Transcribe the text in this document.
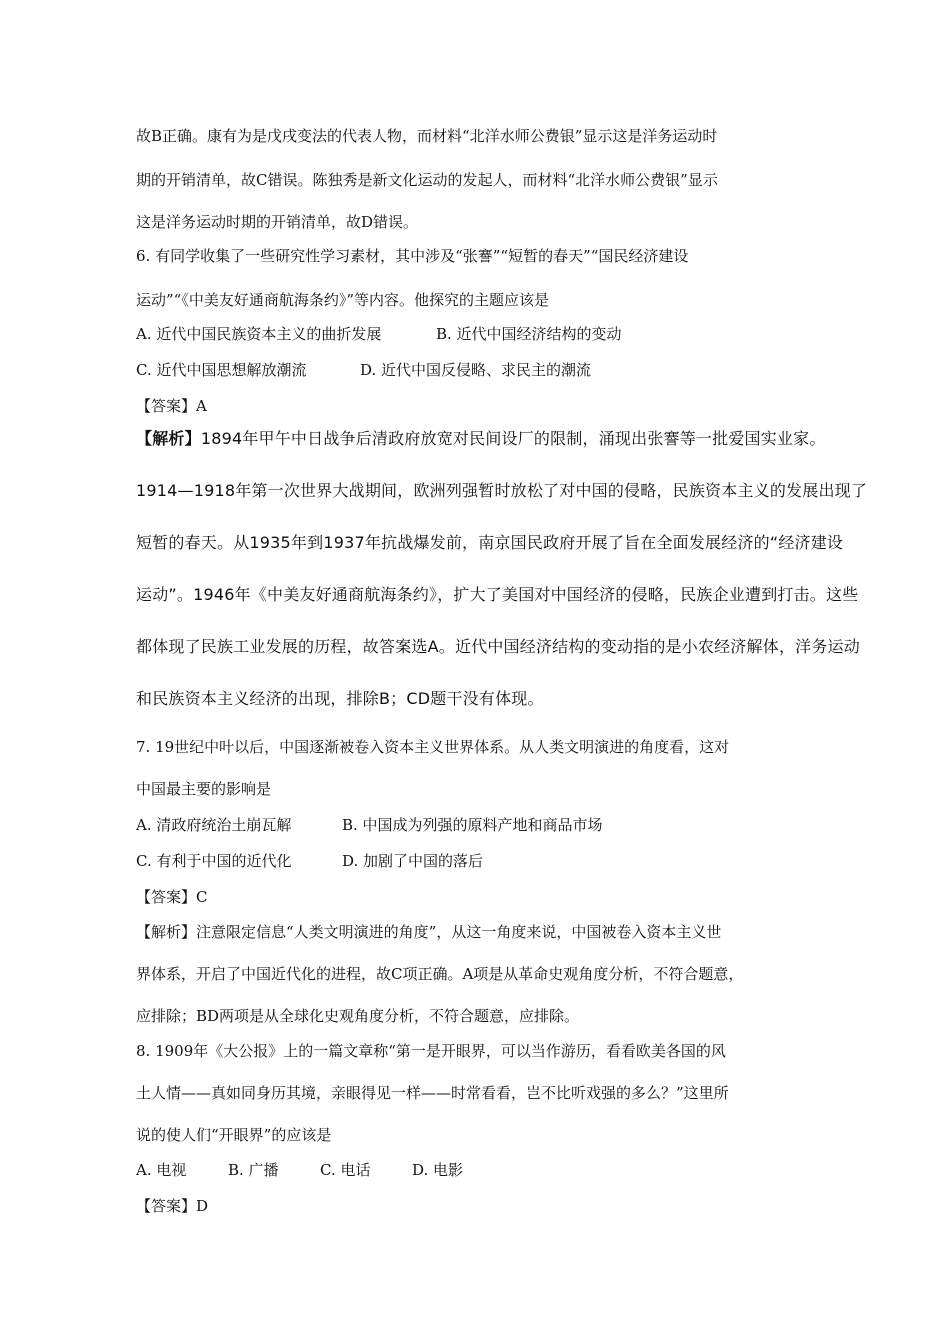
故B正确。康有为是戊戌变法的代表人物，而材料“北洋水师公费银”显示这是洋务运动时
期的开销清单，故C错误。陈独秀是新文化运动的发起人，而材料“北洋水师公费银”显示
这是洋务运动时期的开销清单，故D错误。
6. 有同学收集了一些研究性学习素材，其中涉及“张謇”“短暂的春天”“国民经济建设
运动”“《中美友好通商航海条约》”等内容。他探究的主题应该是
A. 近代中国民族资本主义的曲折发展	B. 近代中国经济结构的变动
C. 近代中国思想解放潮流	D. 近代中国反侵略、求民主的潮流
【答案】A
【解析】1894年甲午中日战争后清政府放宽对民间设厂的限制，涌现出张謇等一批爱国实业家。
1914—1918年第一次世界大战期间，欧洲列强暂时放松了对中国的侵略，民族资本主义的发展出现了
短暂的春天。从1935年到1937年抗战爆发前，南京国民政府开展了旨在全面发展经济的“经济建设
运动”。1946年《中美友好通商航海条约》，扩大了美国对中国经济的侵略，民族企业遭到打击。这些
都体现了民族工业发展的历程，故答案选A。近代中国经济结构的变动指的是小农经济解体，洋务运动
和民族资本主义经济的出现，排除B；CD题干没有体现。
7. 19世纪中叶以后，中国逐渐被卷入资本主义世界体系。从人类文明演进的角度看，这对
中国最主要的影响是
A. 清政府统治土崩瓦解	B. 中国成为列强的原料产地和商品市场
C. 有利于中国的近代化	D. 加剧了中国的落后
【答案】C
【解析】注意限定信息“人类文明演进的角度”，从这一角度来说，中国被卷入资本主义世
界体系，开启了中国近代化的进程，故C项正确。A项是从革命史观角度分析，不符合题意，
应排除；BD两项是从全球化史观角度分析，不符合题意，应排除。
8. 1909年《大公报》上的一篇文章称“第一是开眼界，可以当作游历，看看欧美各国的风
土人情——真如同身历其境，亲眼得见一样——时常看看，岂不比听戏强的多么？”这里所
说的使人们“开眼界”的应该是
A. 电视	B. 广播	C. 电话	D. 电影
【答案】D
